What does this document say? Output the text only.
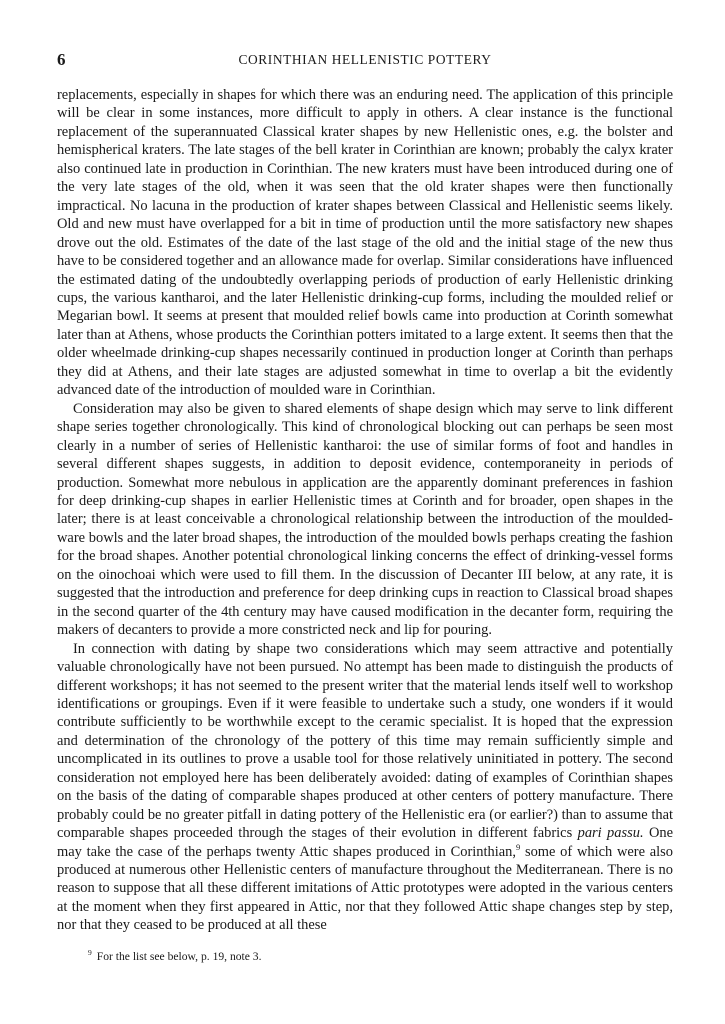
6	CORINTHIAN HELLENISTIC POTTERY

replacements, especially in shapes for which there was an enduring need. The application of this principle will be clear in some instances, more difficult to apply in others. A clear instance is the functional replacement of the superannuated Classical krater shapes by new Hellenistic ones, e.g. the bolster and hemispherical kraters. The late stages of the bell krater in Corinthian are known; probably the calyx krater also continued late in production in Corinthian. The new kraters must have been introduced during one of the very late stages of the old, when it was seen that the old krater shapes were then functionally impractical. No lacuna in the production of krater shapes between Classical and Hellenistic seems likely. Old and new must have overlapped for a bit in time of production until the more satisfactory new shapes drove out the old. Estimates of the date of the last stage of the old and the initial stage of the new thus have to be considered together and an allowance made for overlap. Similar considerations have influenced the estimated dating of the undoubtedly overlapping periods of production of early Hellenistic drinking cups, the various kantharoi, and the later Hellenistic drinking-cup forms, including the moulded relief or Megarian bowl. It seems at present that moulded relief bowls came into production at Corinth somewhat later than at Athens, whose products the Corinthian potters imitated to a large extent. It seems then that the older wheelmade drinking-cup shapes necessarily continued in production longer at Corinth than perhaps they did at Athens, and their late stages are adjusted somewhat in time to overlap a bit the evidently advanced date of the introduction of moulded ware in Corinthian.

Consideration may also be given to shared elements of shape design which may serve to link different shape series together chronologically. This kind of chronological blocking out can perhaps be seen most clearly in a number of series of Hellenistic kantharoi: the use of similar forms of foot and handles in several different shapes suggests, in addition to deposit evidence, contemporaneity in periods of production. Somewhat more nebulous in application are the apparently dominant preferences in fashion for deep drinking-cup shapes in earlier Hellenistic times at Corinth and for broader, open shapes in the later; there is at least conceivable a chronological relationship between the introduction of the moulded-ware bowls and the later broad shapes, the introduction of the moulded bowls perhaps creating the fashion for the broad shapes. Another potential chronological linking concerns the effect of drinking-vessel forms on the oinochoai which were used to fill them. In the discussion of Decanter III below, at any rate, it is suggested that the introduction and preference for deep drinking cups in reaction to Classical broad shapes in the second quarter of the 4th century may have caused modification in the decanter form, requiring the makers of decanters to provide a more constricted neck and lip for pouring.

In connection with dating by shape two considerations which may seem attractive and potentially valuable chronologically have not been pursued. No attempt has been made to distinguish the products of different workshops; it has not seemed to the present writer that the material lends itself well to workshop identifications or groupings. Even if it were feasible to undertake such a study, one wonders if it would contribute sufficiently to be worthwhile except to the ceramic specialist. It is hoped that the expression and determination of the chronology of the pottery of this time may remain sufficiently simple and uncomplicated in its outlines to prove a usable tool for those relatively uninitiated in pottery. The second consideration not employed here has been deliberately avoided: dating of examples of Corinthian shapes on the basis of the dating of comparable shapes produced at other centers of pottery manufacture. There probably could be no greater pitfall in dating pottery of the Hellenistic era (or earlier?) than to assume that comparable shapes proceeded through the stages of their evolution in different fabrics pari passu. One may take the case of the perhaps twenty Attic shapes produced in Corinthian,$^9$ some of which were also produced at numerous other Hellenistic centers of manufacture throughout the Mediterranean. There is no reason to suppose that all these different imitations of Attic prototypes were adopted in the various centers at the moment when they first appeared in Attic, nor that they followed Attic shape changes step by step, nor that they ceased to be produced at all these

$^9$ For the list see below, p. 19, note 3.
